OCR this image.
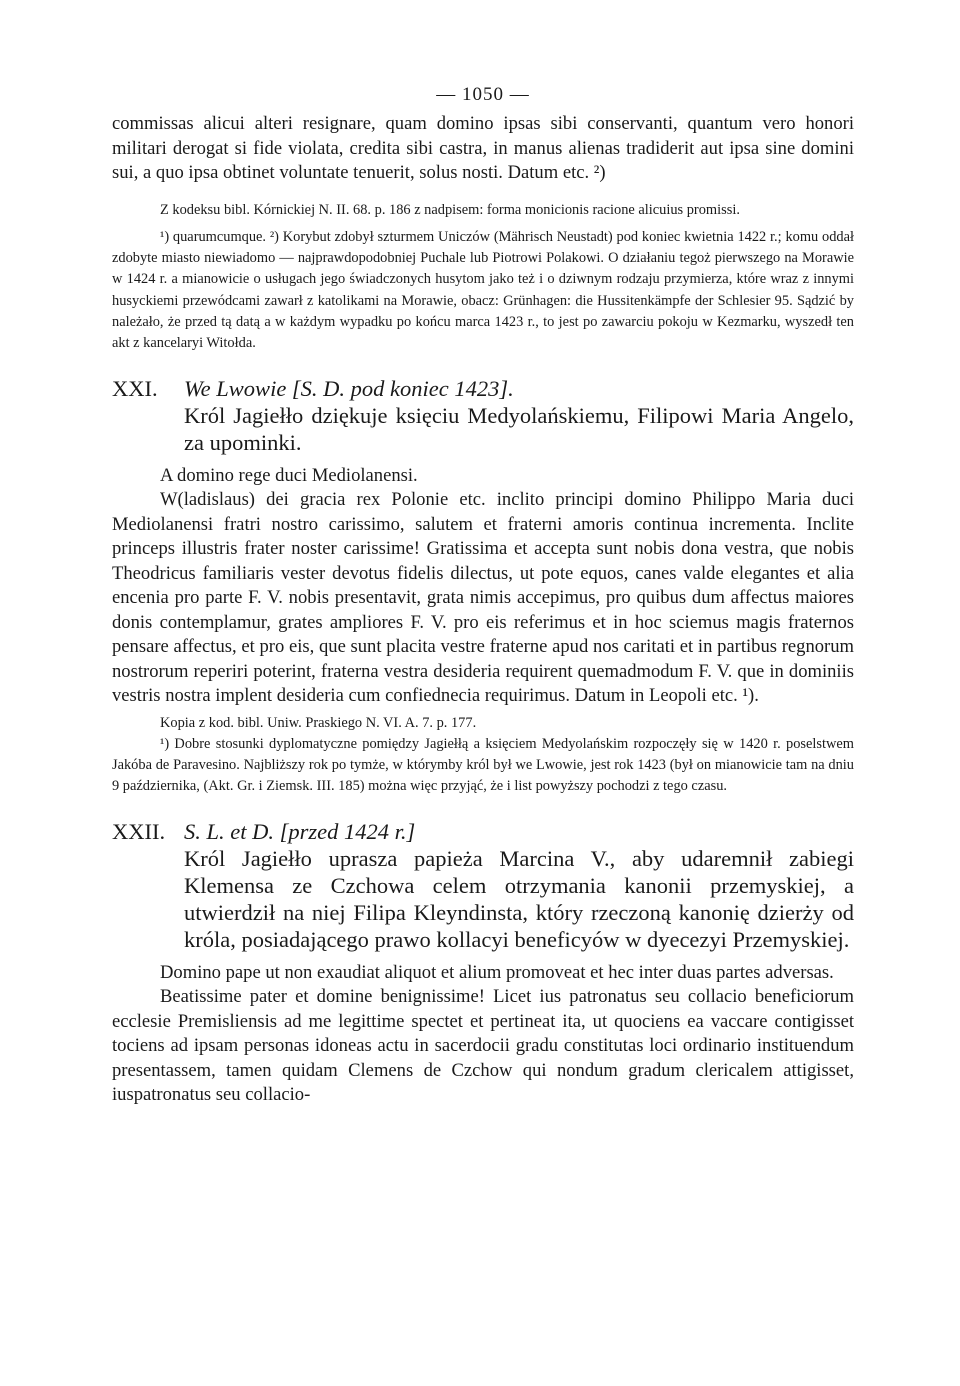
— 1050 —

commissas alicui alteri resignare, quam domino ipsas sibi conservanti, quantum vero honori militari derogat si fide violata, credita sibi castra, in manus alienas tradiderit aut ipsa sine domini sui, a quo ipsa obtinet voluntate tenuerit, solus nosti. Datum etc. ²)

Z kodeksu bibl. Kórnickiej N. II. 68. p. 186 z nadpisem: forma monicionis racione alicuius promissi.

¹) quarumcumque. ²) Korybut zdobył szturmem Uniczów (Mährisch Neustadt) pod koniec kwietnia 1422 r.; komu oddał zdobyte miasto niewiadomo — najprawdopodobniej Puchale lub Piotrowi Polakowi. O działaniu tegoż pierwszego na Morawie w 1424 r. a mianowicie o usługach jego świadczonych husytom jako też i o dziwnym rodzaju przymierza, które wraz z innymi husyckiemi przewódcami zawarł z katolikami na Morawie, obacz: Grünhagen: die Hussitenkämpfe der Schlesier 95. Sądzić by należało, że przed tą datą a w każdym wypadku po końcu marca 1423 r., to jest po zawarciu pokoju w Kezmarku, wyszedł ten akt z kancelaryi Witołda.

XXI.	We Lwowie [S. D. pod koniec 1423].
Król Jagiełło dziękuje księciu Medyolańskiemu, Filipowi Maria Angelo, za upominki.

A domino rege duci Mediolanensi.

W(ladislaus) dei gracia rex Polonie etc. inclito principi domino Philippo Maria duci Mediolanensi fratri nostro carissimo, salutem et fraterni amoris continua incrementa. Inclite princeps illustris frater noster carissime! Gratissima et accepta sunt nobis dona vestra, que nobis Theodricus familiaris vester devotus fidelis dilectus, ut pote equos, canes valde elegantes et alia encenia pro parte F. V. nobis presentavit, grata nimis accepimus, pro quibus dum affectus maiores donis contemplamur, grates ampliores F. V. pro eis referimus et in hoc sciemus magis fraternos pensare affectus, et pro eis, que sunt placita vestre fraterne apud nos caritati et in partibus regnorum nostrorum reperiri poterint, fraterna vestra desideria requirent quemadmodum F. V. que in dominiis vestris nostra implent desideria cum confiednecia requirimus. Datum in Leopoli etc. ¹).

Kopia z kod. bibl. Uniw. Praskiego N. VI. A. 7. p. 177.

¹) Dobre stosunki dyplomatyczne pomiędzy Jagiełłą a księciem Medyolańskim rozpoczęły się w 1420 r. poselstwem Jakóba de Paravesino. Najbliższy rok po tymże, w którymby król był we Lwowie, jest rok 1423 (był on mianowicie tam na dniu 9 października, (Akt. Gr. i Ziemsk. III. 185) można więc przyjąć, że i list powyższy pochodzi z tego czasu.

XXII. S. L. et D. [przed 1424 r.]
Król Jagiełło uprasza papieża Marcina V., aby udaremnił zabiegi Klemensa ze Czchowa celem otrzymania kanonii przemyskiej, a utwierdził na niej Filipa Kleyndinsta, który rzeczoną kanonię dzierży od króla, posiadającego prawo kollacyi beneficyów w dyecezyi Przemyskiej.

Domino pape ut non exaudiat aliquot et alium promoveat et hec inter duas partes adversas.

Beatissime pater et domine benignissime! Licet ius patronatus seu collacio beneficiorum ecclesie Premisliensis ad me legittime spectet et pertineat ita, ut quociens ea vaccare contigisset tociens ad ipsam personas idoneas actu in sacerdocii gradu constitutas loci ordinario instituendum presentassem, tamen quidam Clemens de Czchow qui nondum gradum clericalem attigisset, iuspatronatus seu collacio-
